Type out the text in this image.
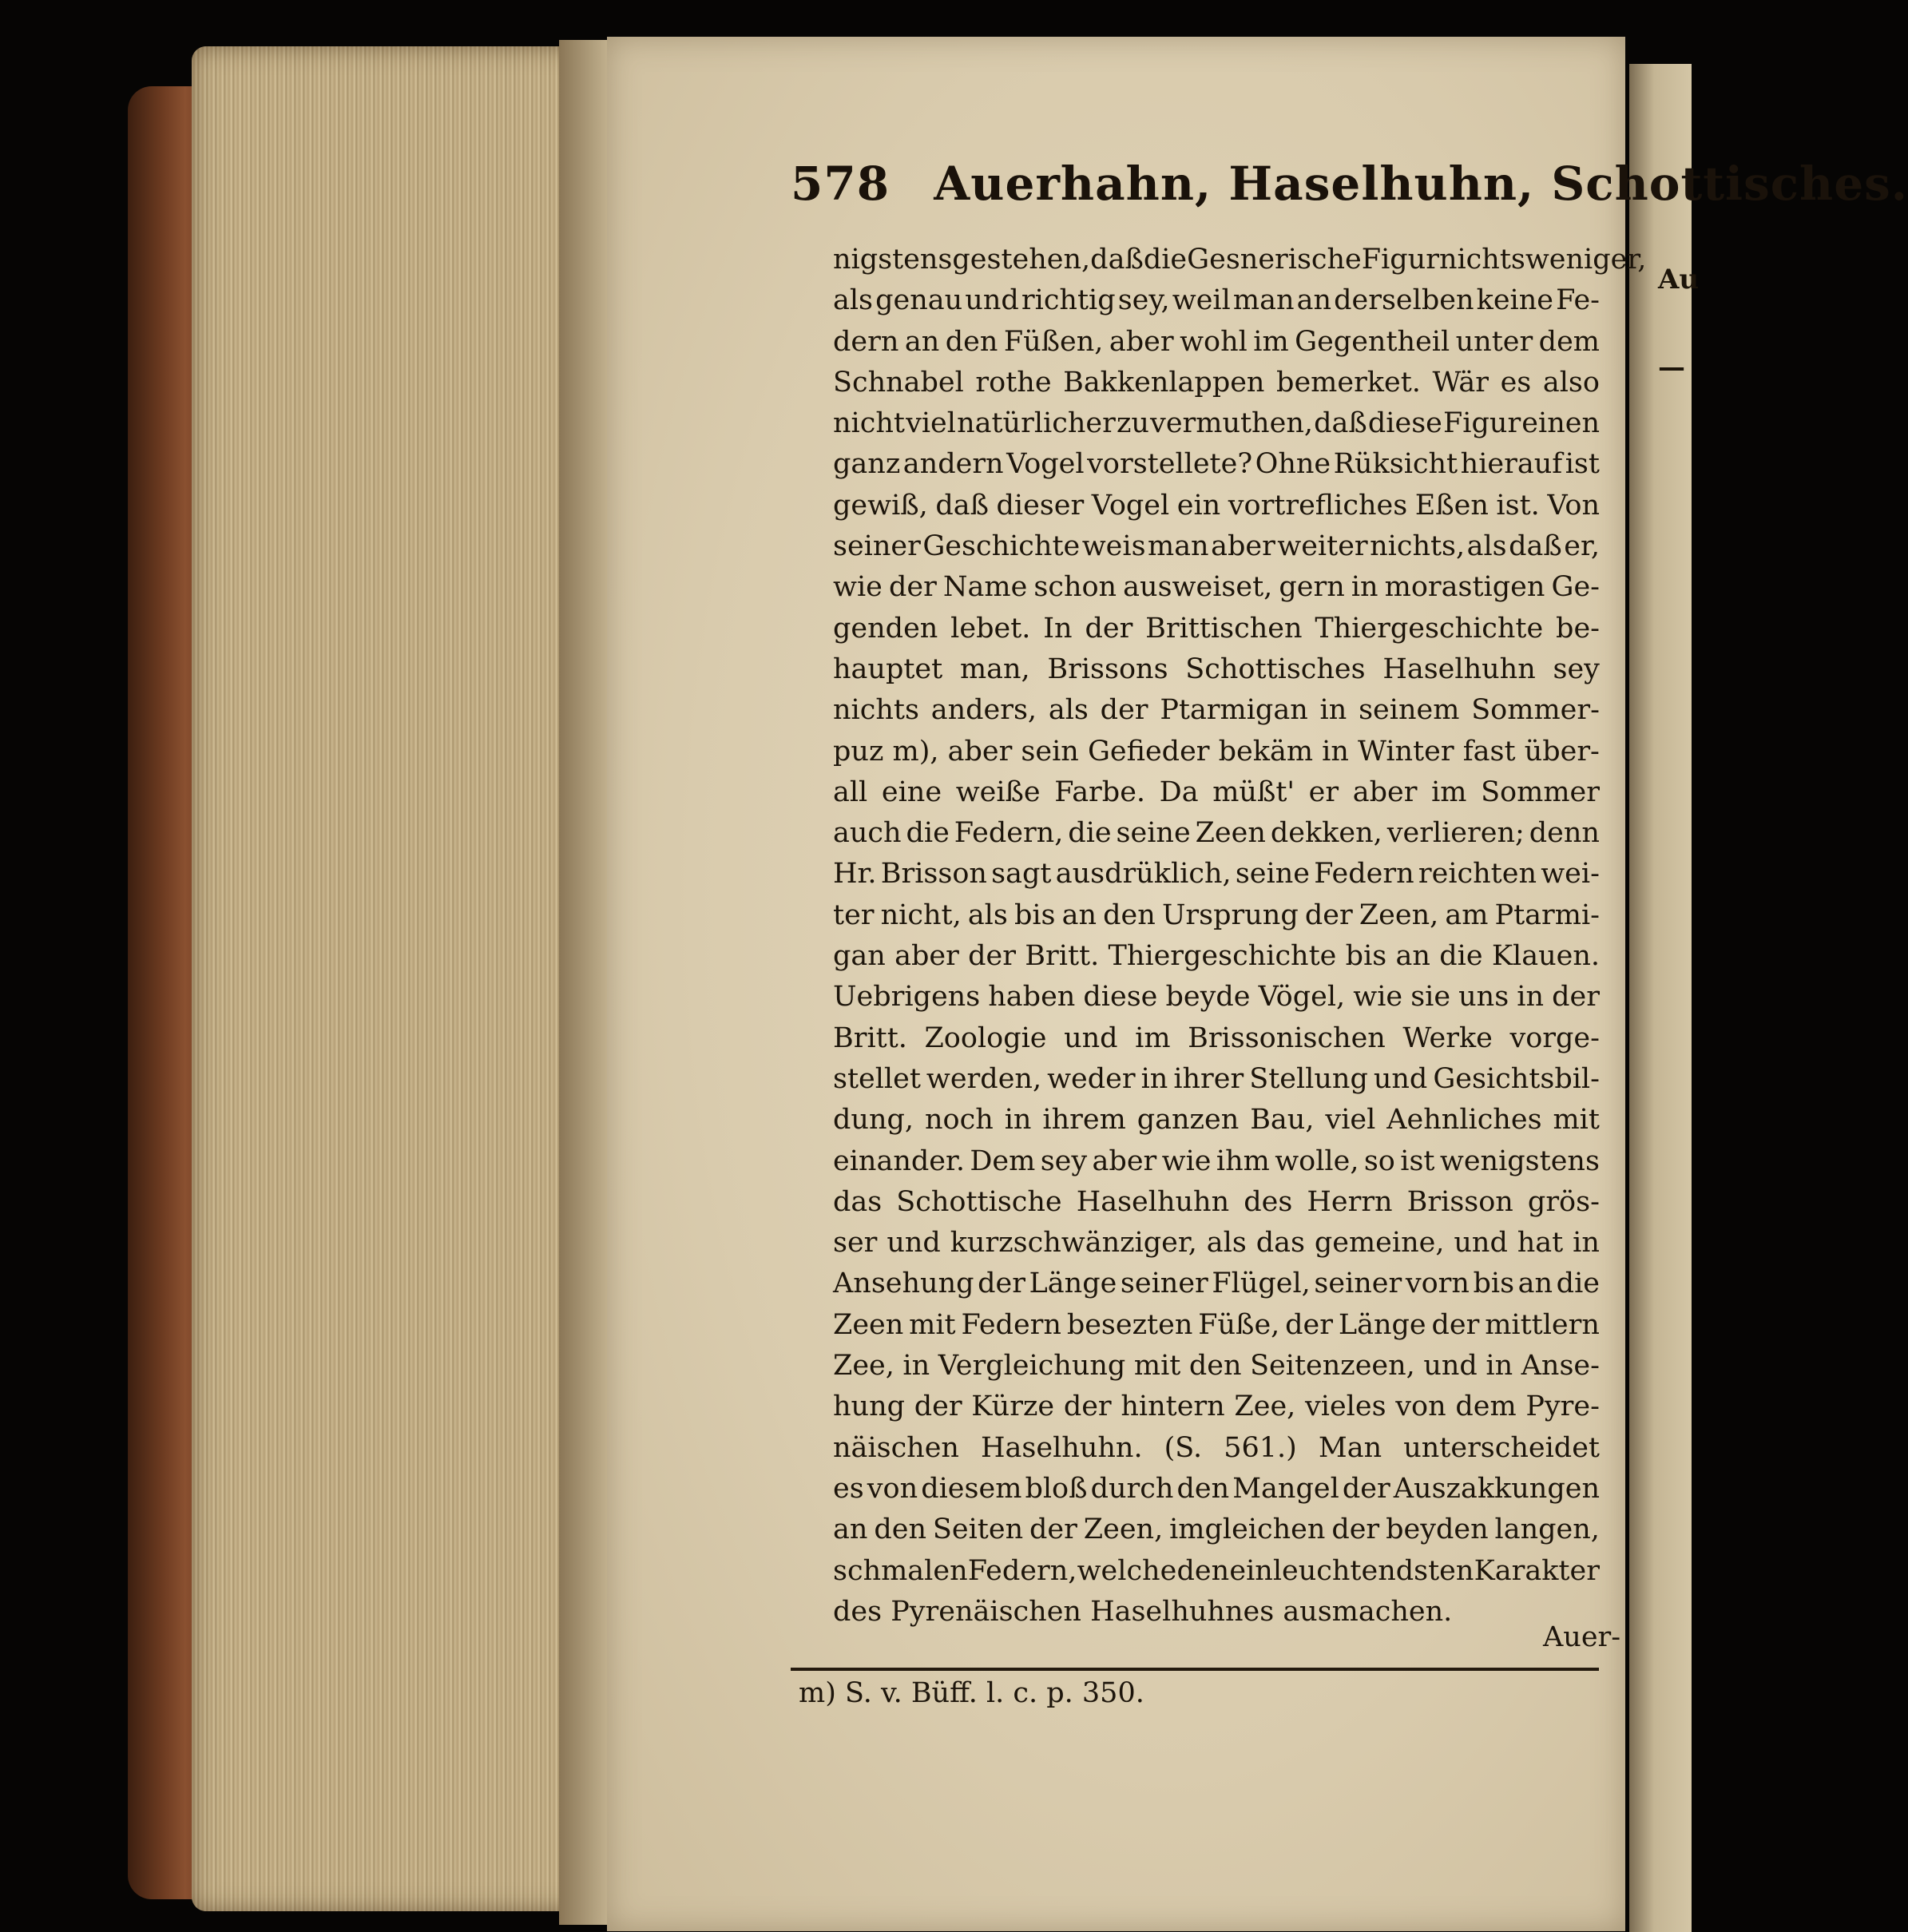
Au
—
578 Auerhahn, Haselhuhn, Schottisches.
nigstens gestehen, daß die Gesnerische Figur nichts weniger,
als genau und richtig sey, weil man an derselben keine Fe-
dern an den Füßen, aber wohl im Gegentheil unter dem
Schnabel rothe Bakkenlappen bemerket. Wär es also
nicht viel natürlicher zu vermuthen, daß diese Figur einen
ganz andern Vogel vorstellete? Ohne Rüksicht hierauf ist
gewiß, daß dieser Vogel ein vortrefliches Eßen ist. Von
seiner Geschichte weis man aber weiter nichts, als daß er,
wie der Name schon ausweiset, gern in morastigen Ge-
genden lebet. In der Brittischen Thiergeschichte be-
hauptet man, Brissons Schottisches Haselhuhn sey
nichts anders, als der Ptarmigan in seinem Sommer-
puz m), aber sein Gefieder bekäm in Winter fast über-
all eine weiße Farbe. Da müßt' er aber im Sommer
auch die Federn, die seine Zeen dekken, verlieren; denn
Hr. Brisson sagt ausdrüklich, seine Federn reichten wei-
ter nicht, als bis an den Ursprung der Zeen, am Ptarmi-
gan aber der Britt. Thiergeschichte bis an die Klauen.
Uebrigens haben diese beyde Vögel, wie sie uns in der
Britt. Zoologie und im Brissonischen Werke vorge-
stellet werden, weder in ihrer Stellung und Gesichtsbil-
dung, noch in ihrem ganzen Bau, viel Aehnliches mit
einander. Dem sey aber wie ihm wolle, so ist wenigstens
das Schottische Haselhuhn des Herrn Brisson grös-
ser und kurzschwänziger, als das gemeine, und hat in
Ansehung der Länge seiner Flügel, seiner vorn bis an die
Zeen mit Federn besezten Füße, der Länge der mittlern
Zee, in Vergleichung mit den Seitenzeen, und in Anse-
hung der Kürze der hintern Zee, vieles von dem Pyre-
näischen Haselhuhn. (S. 561.) Man unterscheidet
es von diesem bloß durch den Mangel der Auszakkungen
an den Seiten der Zeen, imgleichen der beyden langen,
schmalen Federn, welche den einleuchtendsten Karakter
des Pyrenäischen Haselhuhnes ausmachen.
Auer-
m) S. v. Büff. l. c. p. 350.
